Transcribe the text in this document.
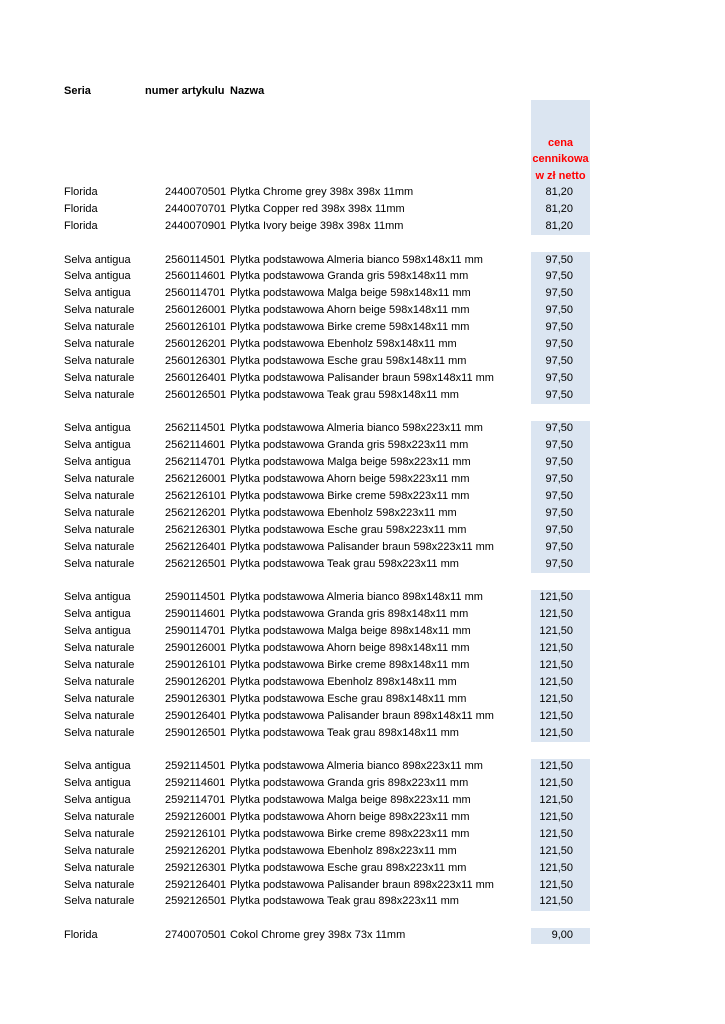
Seria	numer artykulu Nazwa
cena
cennikowa
w zł netto
Florida	2440070501 Plytka Chrome grey 398x 398x 11mm	81,20
Florida	2440070701 Plytka Copper red 398x 398x 11mm	81,20
Florida	2440070901 Plytka Ivory beige 398x 398x 11mm	81,20
Selva antigua	2560114501 Plytka podstawowa Almeria bianco 598x148x11 mm	97,50
Selva antigua	2560114601 Plytka podstawowa Granda gris 598x148x11 mm	97,50
Selva antigua	2560114701 Plytka podstawowa Malga beige 598x148x11 mm	97,50
Selva naturale	2560126001 Plytka podstawowa Ahorn beige 598x148x11 mm	97,50
Selva naturale	2560126101 Plytka podstawowa Birke creme 598x148x11 mm	97,50
Selva naturale	2560126201 Plytka podstawowa Ebenholz 598x148x11 mm	97,50
Selva naturale	2560126301 Plytka podstawowa Esche grau 598x148x11 mm	97,50
Selva naturale	2560126401 Plytka podstawowa Palisander braun 598x148x11 mm	97,50
Selva naturale	2560126501 Plytka podstawowa Teak grau 598x148x11 mm	97,50
Selva antigua	2562114501 Plytka podstawowa Almeria bianco 598x223x11 mm	97,50
Selva antigua	2562114601 Plytka podstawowa Granda gris 598x223x11 mm	97,50
Selva antigua	2562114701 Plytka podstawowa Malga beige 598x223x11 mm	97,50
Selva naturale	2562126001 Plytka podstawowa Ahorn beige 598x223x11 mm	97,50
Selva naturale	2562126101 Plytka podstawowa Birke creme 598x223x11 mm	97,50
Selva naturale	2562126201 Plytka podstawowa Ebenholz 598x223x11 mm	97,50
Selva naturale	2562126301 Plytka podstawowa Esche grau 598x223x11 mm	97,50
Selva naturale	2562126401 Plytka podstawowa Palisander braun 598x223x11 mm	97,50
Selva naturale	2562126501 Plytka podstawowa Teak grau 598x223x11 mm	97,50
Selva antigua	2590114501 Plytka podstawowa Almeria bianco 898x148x11 mm	121,50
Selva antigua	2590114601 Plytka podstawowa Granda gris 898x148x11 mm	121,50
Selva antigua	2590114701 Plytka podstawowa Malga beige 898x148x11 mm	121,50
Selva naturale	2590126001 Plytka podstawowa Ahorn beige 898x148x11 mm	121,50
Selva naturale	2590126101 Plytka podstawowa Birke creme 898x148x11 mm	121,50
Selva naturale	2590126201 Plytka podstawowa Ebenholz 898x148x11 mm	121,50
Selva naturale	2590126301 Plytka podstawowa Esche grau 898x148x11 mm	121,50
Selva naturale	2590126401 Plytka podstawowa Palisander braun 898x148x11 mm	121,50
Selva naturale	2590126501 Plytka podstawowa Teak grau 898x148x11 mm	121,50
Selva antigua	2592114501 Plytka podstawowa Almeria bianco 898x223x11 mm	121,50
Selva antigua	2592114601 Plytka podstawowa Granda gris 898x223x11 mm	121,50
Selva antigua	2592114701 Plytka podstawowa Malga beige 898x223x11 mm	121,50
Selva naturale	2592126001 Plytka podstawowa Ahorn beige 898x223x11 mm	121,50
Selva naturale	2592126101 Plytka podstawowa Birke creme 898x223x11 mm	121,50
Selva naturale	2592126201 Plytka podstawowa Ebenholz 898x223x11 mm	121,50
Selva naturale	2592126301 Plytka podstawowa Esche grau 898x223x11 mm	121,50
Selva naturale	2592126401 Plytka podstawowa Palisander braun 898x223x11 mm	121,50
Selva naturale	2592126501 Plytka podstawowa Teak grau 898x223x11 mm	121,50
Florida	2740070501 Cokol Chrome grey 398x 73x 11mm	9,00
